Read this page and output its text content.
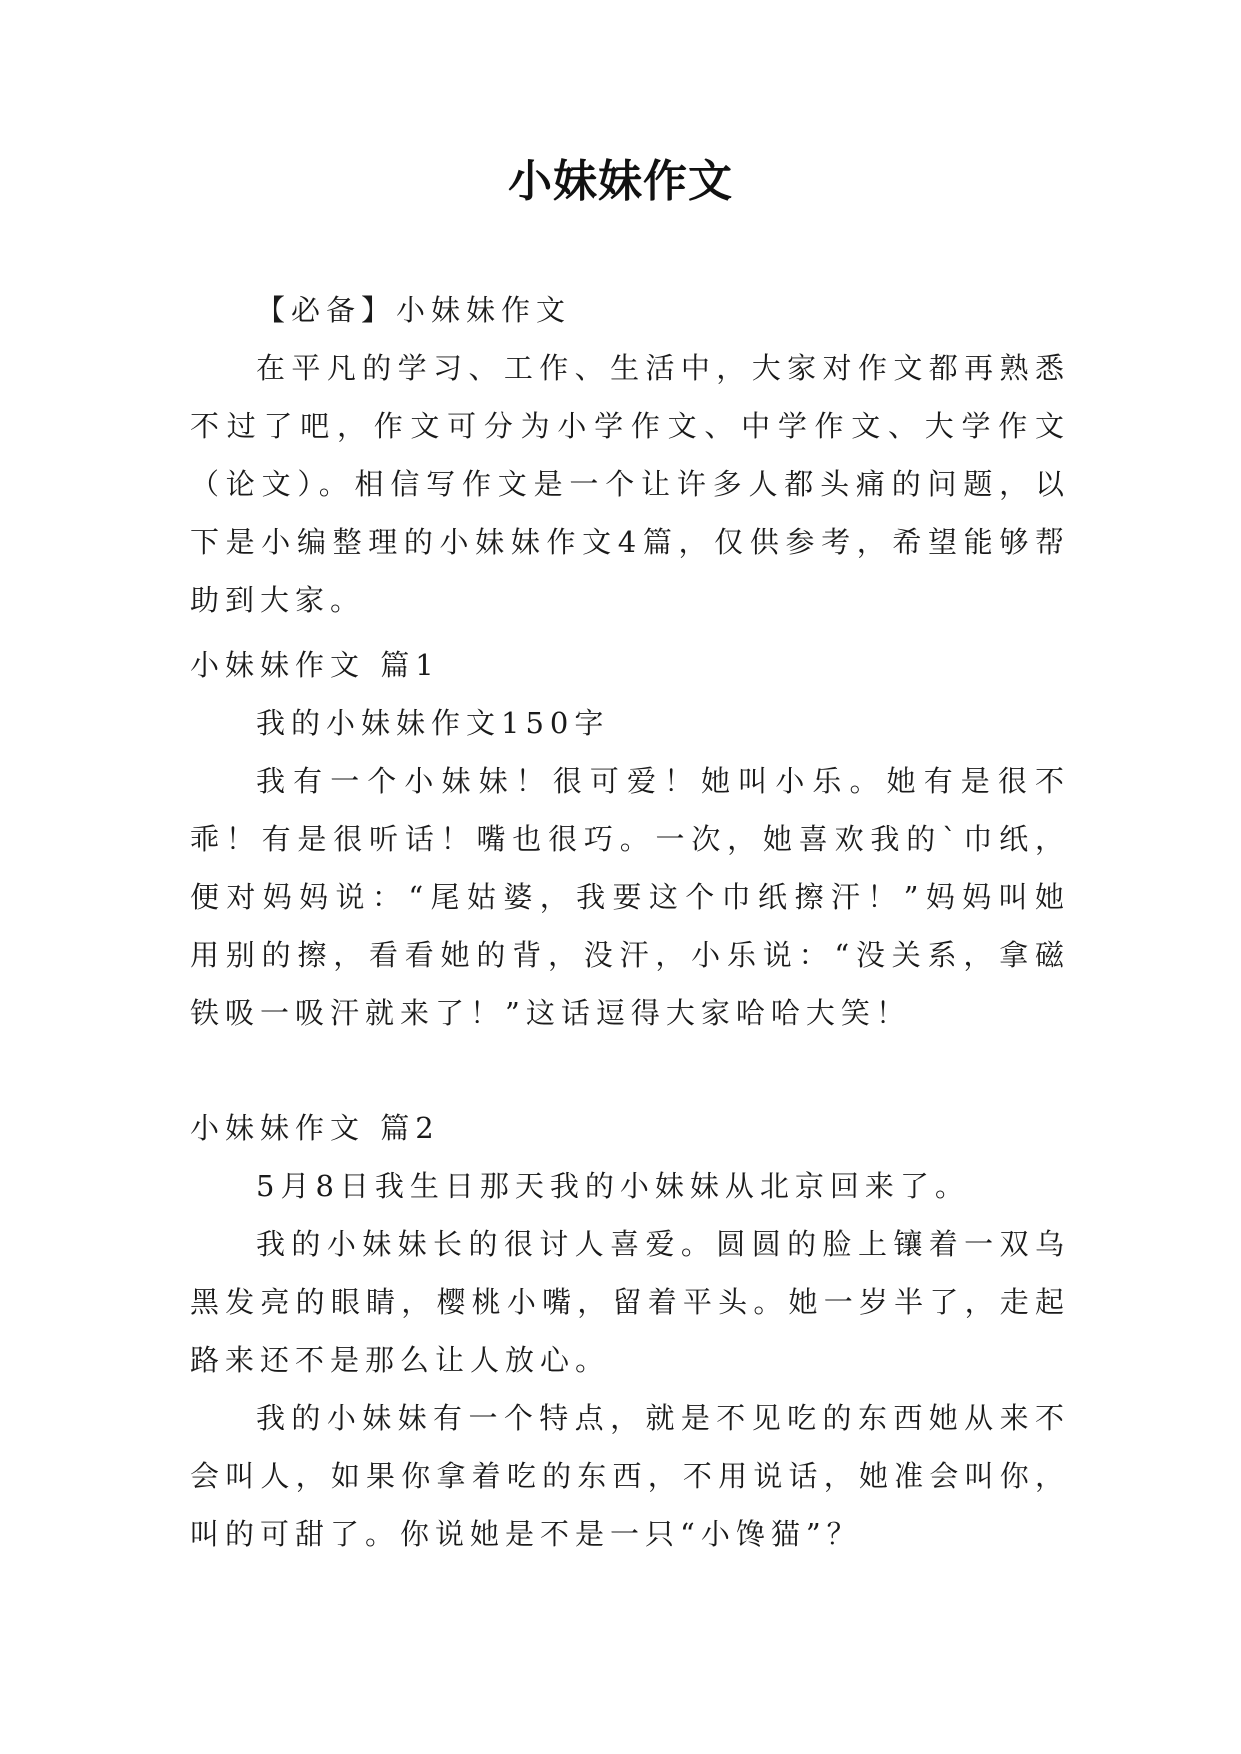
小妹妹作文

【必备】小妹妹作文

在平凡的学习、工作、生活中，大家对作文都再熟悉不过了吧，作文可分为小学作文、中学作文、大学作文（论文）。相信写作文是一个让许多人都头痛的问题，以下是小编整理的小妹妹作文4篇，仅供参考，希望能够帮助到大家。

小妹妹作文 篇1

我的小妹妹作文150字

我有一个小妹妹！很可爱！她叫小乐。她有是很不乖！有是很听话！嘴也很巧。一次，她喜欢我的`巾纸，便对妈妈说：“尾姑婆，我要这个巾纸擦汗！”妈妈叫她用别的擦，看看她的背，没汗，小乐说：“没关系，拿磁铁吸一吸汗就来了！”这话逗得大家哈哈大笑！

小妹妹作文 篇2

5月8日我生日那天我的小妹妹从北京回来了。

我的小妹妹长的很讨人喜爱。圆圆的脸上镶着一双乌黑发亮的眼睛，樱桃小嘴，留着平头。她一岁半了，走起路来还不是那么让人放心。

我的小妹妹有一个特点，就是不见吃的东西她从来不会叫人，如果你拿着吃的东西，不用说话，她准会叫你，叫的可甜了。你说她是不是一只“小馋猫”？
